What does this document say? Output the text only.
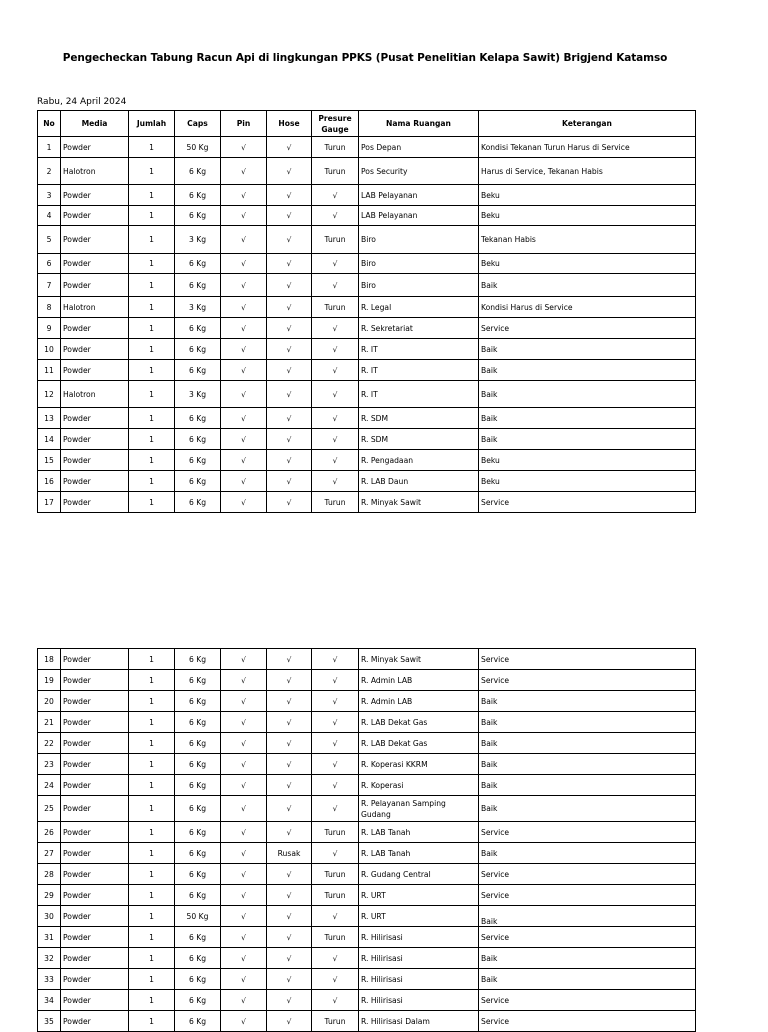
Pengecheckan Tabung Racun Api di lingkungan PPKS (Pusat Penelitian Kelapa Sawit) Brigjend Katamso
Rabu, 24 April 2024
No	Media	Jumlah	Caps	Pin	Hose	Presure Gauge	Nama Ruangan	Keterangan
1	Powder	1	50 Kg	√	√	Turun	Pos Depan	Kondisi Tekanan Turun Harus di Service
2	Halotron	1	6 Kg	√	√	Turun	Pos Security	Harus di Service, Tekanan Habis
3	Powder	1	6 Kg	√	√	√	LAB Pelayanan	Beku
4	Powder	1	6 Kg	√	√	√	LAB Pelayanan	Beku
5	Powder	1	3 Kg	√	√	Turun	Biro	Tekanan Habis
6	Powder	1	6 Kg	√	√	√	Biro	Beku
7	Powder	1	6 Kg	√	√	√	Biro	Baik
8	Halotron	1	3 Kg	√	√	Turun	R. Legal	Kondisi Harus di Service
9	Powder	1	6 Kg	√	√	√	R. Sekretariat	Service
10	Powder	1	6 Kg	√	√	√	R. IT	Baik
11	Powder	1	6 Kg	√	√	√	R. IT	Baik
12	Halotron	1	3 Kg	√	√	√	R. IT	Baik
13	Powder	1	6 Kg	√	√	√	R. SDM	Baik
14	Powder	1	6 Kg	√	√	√	R. SDM	Baik
15	Powder	1	6 Kg	√	√	√	R. Pengadaan	Beku
16	Powder	1	6 Kg	√	√	√	R. LAB Daun	Beku
17	Powder	1	6 Kg	√	√	Turun	R. Minyak Sawit	Service
18	Powder	1	6 Kg	√	√	√	R. Minyak Sawit	Service
19	Powder	1	6 Kg	√	√	√	R. Admin LAB	Service
20	Powder	1	6 Kg	√	√	√	R. Admin LAB	Baik
21	Powder	1	6 Kg	√	√	√	R. LAB Dekat Gas	Baik
22	Powder	1	6 Kg	√	√	√	R. LAB Dekat Gas	Baik
23	Powder	1	6 Kg	√	√	√	R. Koperasi KKRM	Baik
24	Powder	1	6 Kg	√	√	√	R. Koperasi	Baik
25	Powder	1	6 Kg	√	√	√	R. Pelayanan Samping Gudang	Baik
26	Powder	1	6 Kg	√	√	Turun	R. LAB Tanah	Service
27	Powder	1	6 Kg	√	Rusak	√	R. LAB Tanah	Baik
28	Powder	1	6 Kg	√	√	Turun	R. Gudang Central	Service
29	Powder	1	6 Kg	√	√	Turun	R. URT	Service
30	Powder	1	50 Kg	√	√	√	R. URT	Baik
31	Powder	1	6 Kg	√	√	Turun	R. Hilirisasi	Service
32	Powder	1	6 Kg	√	√	√	R. Hilirisasi	Baik
33	Powder	1	6 Kg	√	√	√	R. Hilirisasi	Baik
34	Powder	1	6 Kg	√	√	√	R. Hilirisasi	Service
35	Powder	1	6 Kg	√	√	Turun	R. Hilirisasi Dalam	Service
